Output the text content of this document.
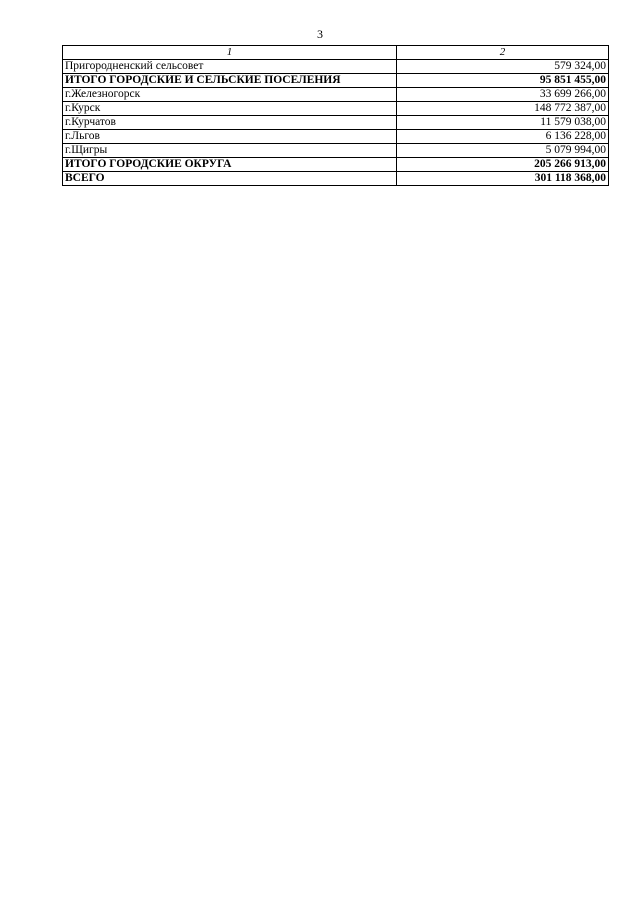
3
1	2
Пригородненский сельсовет	579 324,00
ИТОГО ГОРОДСКИЕ И СЕЛЬСКИЕ ПОСЕЛЕНИЯ	95 851 455,00
г.Железногорск	33 699 266,00
г.Курск	148 772 387,00
г.Курчатов	11 579 038,00
г.Льгов	6 136 228,00
г.Щигры	5 079 994,00
ИТОГО ГОРОДСКИЕ ОКРУГА	205 266 913,00
ВСЕГО	301 118 368,00
